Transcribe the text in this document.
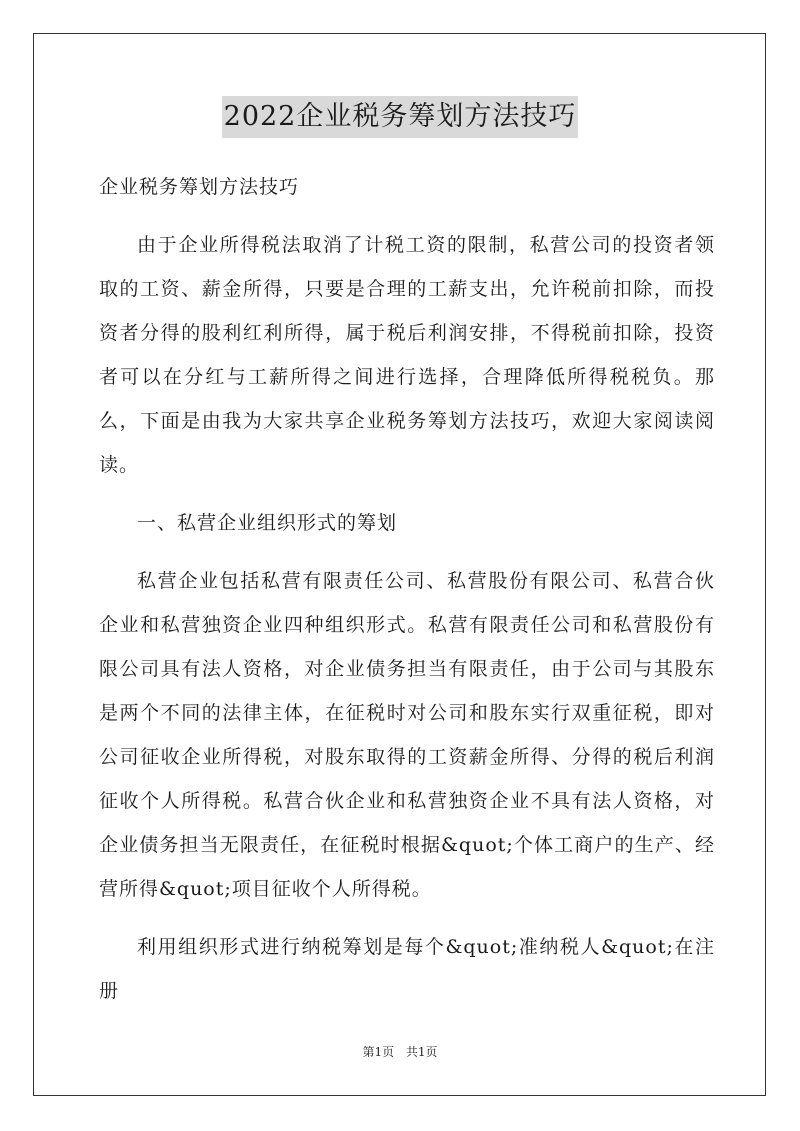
2022企业税务筹划方法技巧

企业税务筹划方法技巧

由于企业所得税法取消了计税工资的限制，私营公司的投资者领取的工资、薪金所得，只要是合理的工薪支出，允许税前扣除，而投资者分得的股利红利所得，属于税后利润安排，不得税前扣除，投资者可以在分红与工薪所得之间进行选择，合理降低所得税税负。那么，下面是由我为大家共享企业税务筹划方法技巧，欢迎大家阅读阅读。

一、私营企业组织形式的筹划

私营企业包括私营有限责任公司、私营股份有限公司、私营合伙企业和私营独资企业四种组织形式。私营有限责任公司和私营股份有限公司具有法人资格，对企业债务担当有限责任，由于公司与其股东是两个不同的法律主体，在征税时对公司和股东实行双重征税，即对公司征收企业所得税，对股东取得的工资薪金所得、分得的税后利润征收个人所得税。私营合伙企业和私营独资企业不具有法人资格，对企业债务担当无限责任，在征税时根据&quot;个体工商户的生产、经营所得&quot;项目征收个人所得税。

利用组织形式进行纳税筹划是每个&quot;准纳税人&quot;在注册

第1页 共1页
